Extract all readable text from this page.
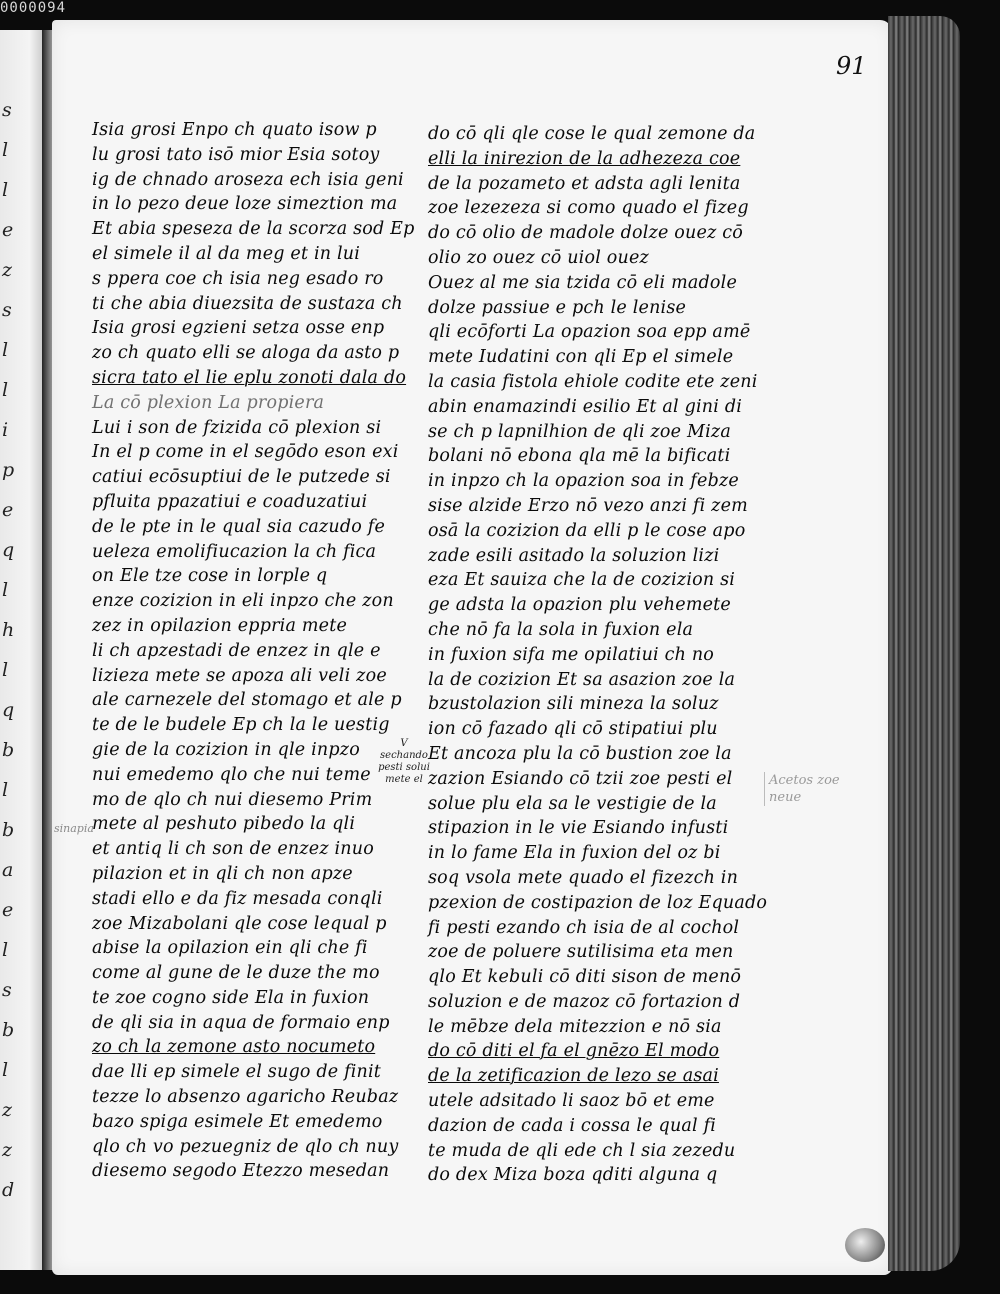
0000094
s
l
l
e
z
s
l
l
i
p
e
q
l
h
l
q
b
l
b
a
e
l
s
b
l
z
z
d
91
Isia grosi Enpo ch quato isow p
lu grosi tato isō mior Esia sotoy
ig de chnado aroseza ech isia geni
in lo pezo deue loze simeztion ma
Et abia speseza de la scorza sod Ep
el simele il al da meg et in lui
s ppera coe ch isia neg esado ro
ti che abia diuezsita de sustaza ch
Isia grosi egzieni setza osse enp
zo ch quato elli se aloga da asto p
sicra tato el lie eplu zonoti dala do
La cō plexion La propiera
Lui i son de fzizida cō plexion si
In el p come in el segōdo eson exi
catiui ecōsuptiui de le putzede si
pfluita ppazatiui e coaduzatiui
de le pte in le qual sia cazudo fe
ueleza emolifiucazion la ch fica
on Ele tze cose in lorple q
enze cozizion in eli inpzo che zon
zez in opilazion eppria mete
li ch apzestadi de enzez in qle e
lizieza mete se apoza ali veli zoe
ale carnezele del stomago et ale p
te de le budele Ep ch la le uestig
gie de la cozizion in qle inpzo
nui emedemo qlo che nui teme
mo de qlo ch nui diesemo Prim
mete al peshuto pibedo la qli
et antiq li ch son de enzez inuo
pilazion et in qli ch non apze
stadi ello e da fiz mesada conqli
zoe Mizabolani qle cose lequal p
abise la opilazion ein qli che fi
come al gune de le duze the mo
te zoe cogno side Ela in fuxion
de qli sia in aqua de formaio enp
zo ch la zemone asto nocumeto
dae lli ep simele el sugo de finit
tezze lo absenzo agaricho Reubaz
bazo spiga esimele Et emedemo
qlo ch vo pezuegniz de qlo ch nuy
diesemo segodo Etezzo mesedan
do cō qli qle cose le qual zemone da
elli la inirezion de la adhezeza coe
de la pozameto et adsta agli lenita
zoe lezezeza si como quado el fizeg
do cō olio de madole dolze ouez cō
olio zo ouez cō uiol ouez
Ouez al me sia tzida cō eli madole
dolze passiue e pch le lenise
qli ecōforti La opazion soa epp amē
mete Iudatini con qli Ep el simele
la casia fistola ehiole codite ete zeni
abin enamazindi esilio Et al gini di
se ch p lapnilhion de qli zoe Miza
bolani nō ebona qla mē la bificati
in inpzo ch la opazion soa in febze
sise alzide Erzo nō vezo anzi fi zem
osā la cozizion da elli p le cose apo
zade esili asitado la soluzion lizi
eza Et sauiza che la de cozizion si
ge adsta la opazion plu vehemete
che nō fa la sola in fuxion ela
in fuxion sifa me opilatiui ch no
la de cozizion Et sa asazion zoe la
bzustolazion sili mineza la soluz
ion cō fazado qli cō stipatiui plu
Et ancoza plu la cō bustion zoe la
zazion Esiando cō tzii zoe pesti el
solue plu ela sa le vestigie de la
stipazion in le vie Esiando infusti
in lo fame Ela in fuxion del oz bi
soq vsola mete quado el fizezch in
pzexion de costipazion de loz Equado
fi pesti ezando ch isia de al cochol
zoe de poluere sutilisima eta men
qlo Et kebuli cō diti sison de menō
soluzion e de mazoz cō fortazion d
le mēbze dela mitezzion e nō sia
do cō diti el fa el gnēzo El modo
de la zetificazion de lezo se asai
utele adsitado li saoz bō et eme
dazion de cada i cossa le qual fi
te muda de qli ede ch l sia zezedu
do dex Miza boza qditi alguna q
sinapia
V sechando pesti solui mete el	Acetos zoe
neue
